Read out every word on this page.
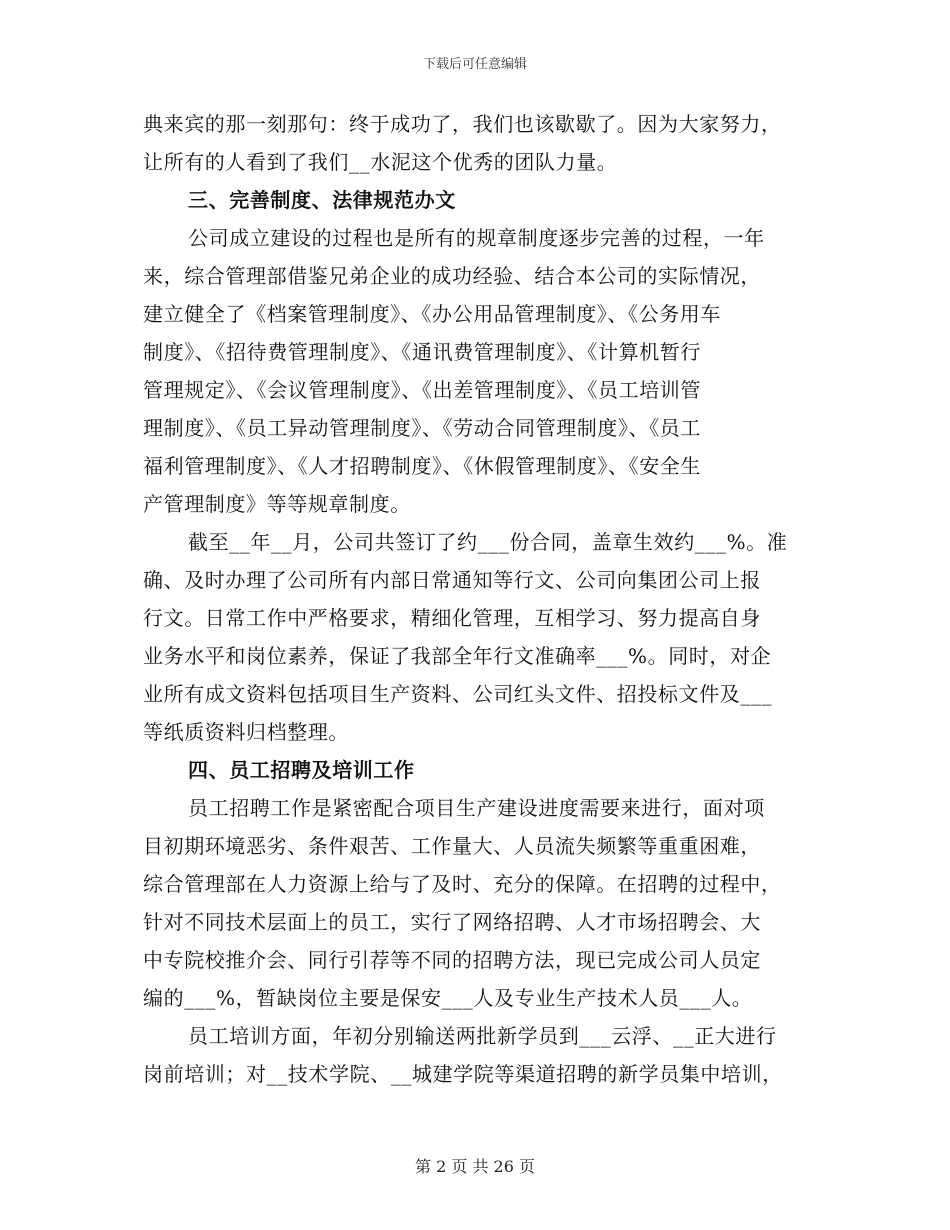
下载后可任意编辑
典来宾的那一刻那句：终于成功了，我们也该歇歇了。因为大家努力，
让所有的人看到了我们__水泥这个优秀的团队力量。
三、完善制度、法律规范办文
公司成立建设的过程也是所有的规章制度逐步完善的过程，一年
来，综合管理部借鉴兄弟企业的成功经验、结合本公司的实际情况，
建立健全了《档案管理制度》、《办公用品管理制度》、《公务用车
制度》、《招待费管理制度》、《通讯费管理制度》、《计算机暂行
管理规定》、《会议管理制度》、《出差管理制度》、《员工培训管
理制度》、《员工异动管理制度》、《劳动合同管理制度》、《员工
福利管理制度》、《人才招聘制度》、《休假管理制度》、《安全生
产管理制度》等等规章制度。
截至__年__月，公司共签订了约___份合同，盖章生效约___%。准
确、及时办理了公司所有内部日常通知等行文、公司向集团公司上报
行文。日常工作中严格要求，精细化管理，互相学习、努力提高自身
业务水平和岗位素养，保证了我部全年行文准确率___%。同时，对企
业所有成文资料包括项目生产资料、公司红头文件、招投标文件及___
等纸质资料归档整理。
四、员工招聘及培训工作
员工招聘工作是紧密配合项目生产建设进度需要来进行，面对项
目初期环境恶劣、条件艰苦、工作量大、人员流失频繁等重重困难，
综合管理部在人力资源上给与了及时、充分的保障。在招聘的过程中，
针对不同技术层面上的员工，实行了网络招聘、人才市场招聘会、大
中专院校推介会、同行引荐等不同的招聘方法，现已完成公司人员定
编的___%，暂缺岗位主要是保安___人及专业生产技术人员___人。
员工培训方面，年初分别输送两批新学员到___云浮、__正大进行
岗前培训；对__技术学院、__城建学院等渠道招聘的新学员集中培训，
第 2 页 共 26 页
